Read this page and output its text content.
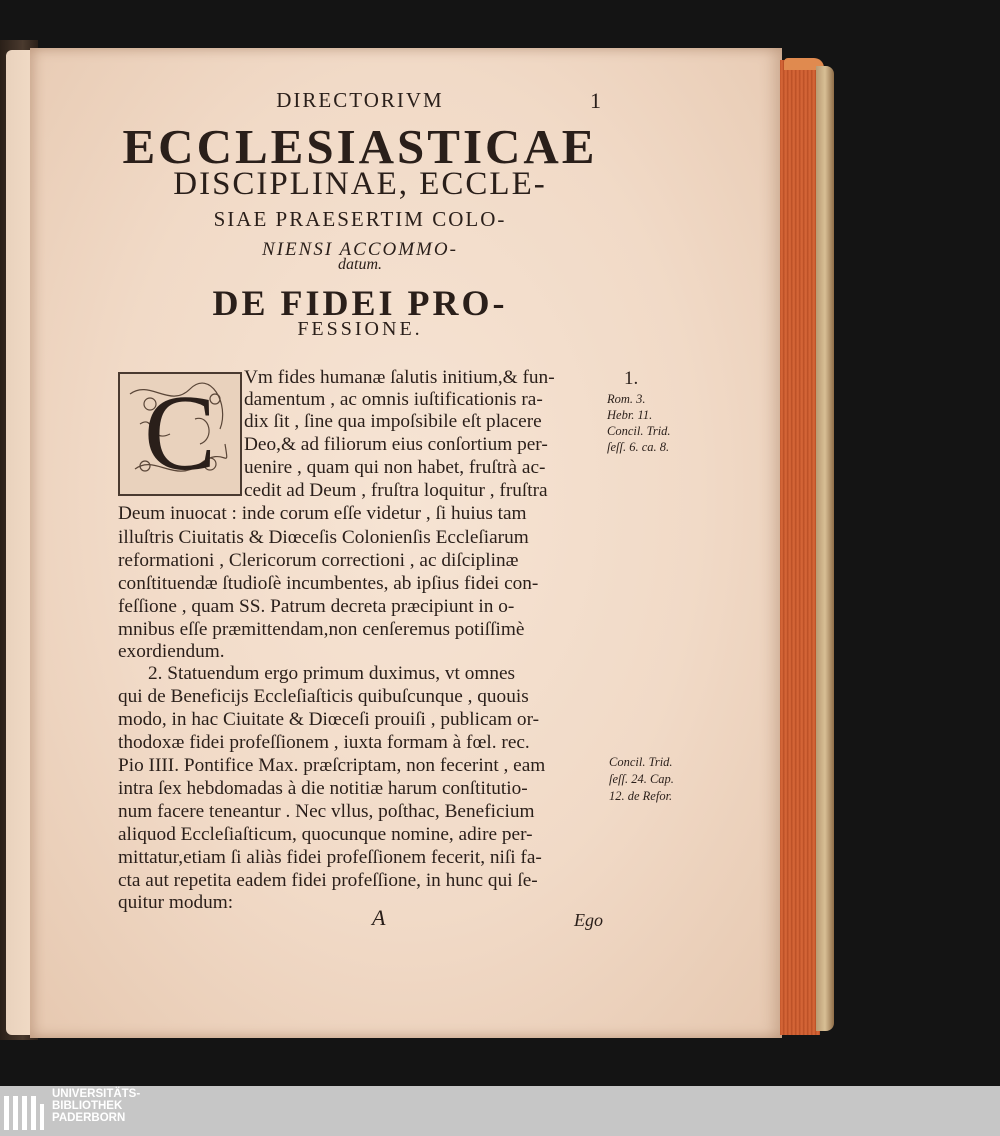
DIRECTORIVM	1
ECCLESIASTICAE
DISCIPLINAE, ECCLE-
SIAE PRAESERTIM COLO-
NIENSI ACCOMMO-
datum.
DE FIDEI PRO-
FESSIONE.
C	Vm fides humanæ ſalutis initium,& fun-
damentum , ac omnis iuſtificationis ra-
dix ſit , ſine qua impoſsibile eſt placere
Deo,& ad filiorum eius conſortium per-
uenire , quam qui non habet, fruſtrà ac-
cedit ad Deum , fruſtra loquitur , fruſtra
Deum inuocat : inde corum eſſe videtur , ſi huius tam
illuſtris Ciuitatis & Diœceſis Colonienſis Eccleſiarum
reformationi , Clericorum correctioni , ac diſciplinæ
conſtituendæ ſtudioſè incumbentes, ab ipſius fidei con-
feſſione , quam SS. Patrum decreta præcipiunt in o-
mnibus eſſe præmittendam,non cenſeremus potiſſimè
exordiendum.
2. Statuendum ergo primum duximus, vt omnes
qui de Beneficijs Eccleſiaſticis quibuſcunque , quouis
modo, in hac Ciuitate & Diœceſi prouiſi , publicam or-
thodoxæ fidei profeſſionem , iuxta formam à fœl. rec.
Pio IIII. Pontifice Max. præſcriptam, non fecerint , eam
intra ſex hebdomadas à die notitiæ harum conſtitutio-
num facere teneantur . Nec vllus, poſthac, Beneficium
aliquod Eccleſiaſticum, quocunque nomine, adire per-
mittatur,etiam ſi aliàs fidei profeſſionem fecerit, niſi fa-
cta aut repetita eadem fidei profeſſione, in hunc qui ſe-
quitur modum:
1.
Rom. 3.
Hebr. 11.
Concil. Trid.
ſeſſ. 6. ca. 8.
Concil. Trid.
ſeſſ. 24. Cap.
12. de Refor.
A	Ego
UNIVERSITÄTS-
BIBLIOTHEK
PADERBORN
